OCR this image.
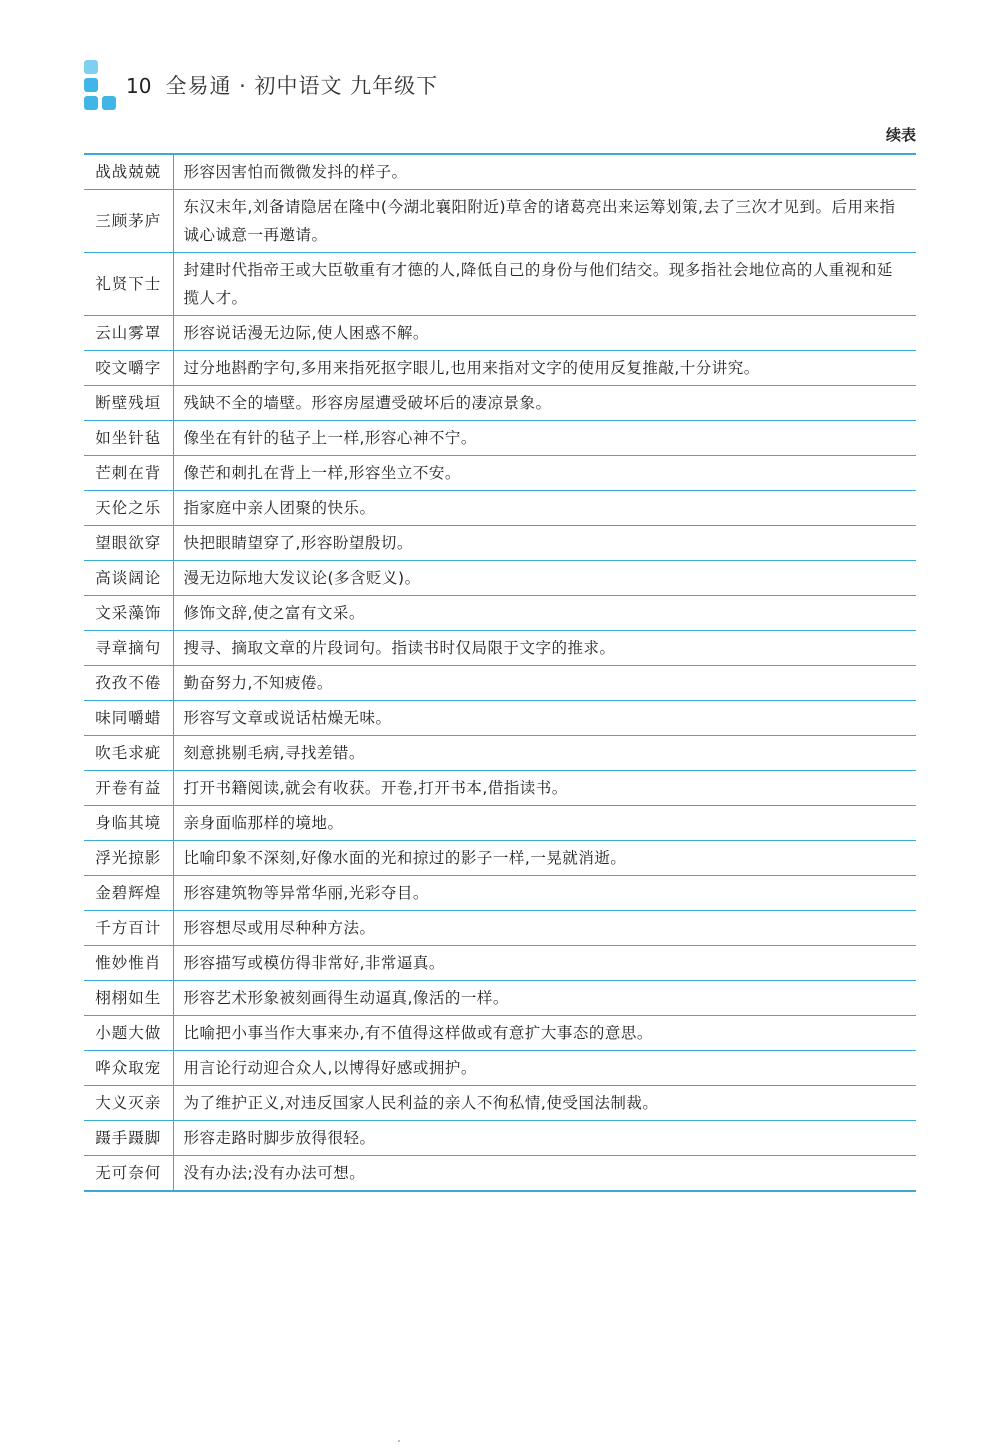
10 全易通 · 初中语文 九年级下
续表
战战兢兢	形容因害怕而微微发抖的样子。
三顾茅庐	东汉末年,刘备请隐居在隆中(今湖北襄阳附近)草舍的诸葛亮出来运筹划策,去了三次才见到。后用来指诚心诚意一再邀请。
礼贤下士	封建时代指帝王或大臣敬重有才德的人,降低自己的身份与他们结交。现多指社会地位高的人重视和延揽人才。
云山雾罩	形容说话漫无边际,使人困惑不解。
咬文嚼字	过分地斟酌字句,多用来指死抠字眼儿,也用来指对文字的使用反复推敲,十分讲究。
断壁残垣	残缺不全的墙壁。形容房屋遭受破坏后的凄凉景象。
如坐针毡	像坐在有针的毡子上一样,形容心神不宁。
芒刺在背	像芒和刺扎在背上一样,形容坐立不安。
天伦之乐	指家庭中亲人团聚的快乐。
望眼欲穿	快把眼睛望穿了,形容盼望殷切。
高谈阔论	漫无边际地大发议论(多含贬义)。
文采藻饰	修饰文辞,使之富有文采。
寻章摘句	搜寻、摘取文章的片段词句。指读书时仅局限于文字的推求。
孜孜不倦	勤奋努力,不知疲倦。
味同嚼蜡	形容写文章或说话枯燥无味。
吹毛求疵	刻意挑剔毛病,寻找差错。
开卷有益	打开书籍阅读,就会有收获。开卷,打开书本,借指读书。
身临其境	亲身面临那样的境地。
浮光掠影	比喻印象不深刻,好像水面的光和掠过的影子一样,一晃就消逝。
金碧辉煌	形容建筑物等异常华丽,光彩夺目。
千方百计	形容想尽或用尽种种方法。
惟妙惟肖	形容描写或模仿得非常好,非常逼真。
栩栩如生	形容艺术形象被刻画得生动逼真,像活的一样。
小题大做	比喻把小事当作大事来办,有不值得这样做或有意扩大事态的意思。
哗众取宠	用言论行动迎合众人,以博得好感或拥护。
大义灭亲	为了维护正义,对违反国家人民利益的亲人不徇私情,使受国法制裁。
蹑手蹑脚	形容走路时脚步放得很轻。
无可奈何	没有办法;没有办法可想。
